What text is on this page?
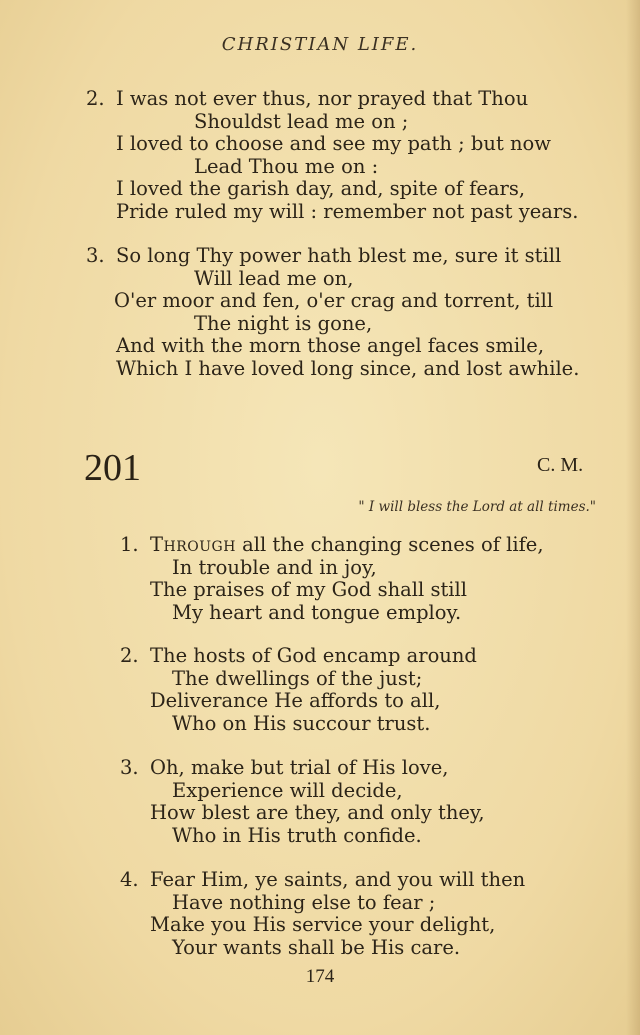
CHRISTIAN LIFE.
2. I was not ever thus, nor prayed that Thou
Shouldst lead me on ;
I loved to choose and see my path ; but now
Lead Thou me on :
I loved the garish day, and, spite of fears,
Pride ruled my will : remember not past years.
3. So long Thy power hath blest me, sure it still
Will lead me on,
O'er moor and fen, o'er crag and torrent, till
The night is gone,
And with the morn those angel faces smile,
Which I have loved long since, and lost awhile.
201	C. M.
" I will bless the Lord at all times."
1. Through all the changing scenes of life,
In trouble and in joy,
The praises of my God shall still
My heart and tongue employ.
2. The hosts of God encamp around
The dwellings of the just;
Deliverance He affords to all,
Who on His succour trust.
3. Oh, make but trial of His love,
Experience will decide,
How blest are they, and only they,
Who in His truth confide.
4. Fear Him, ye saints, and you will then
Have nothing else to fear ;
Make you His service your delight,
Your wants shall be His care.
174
